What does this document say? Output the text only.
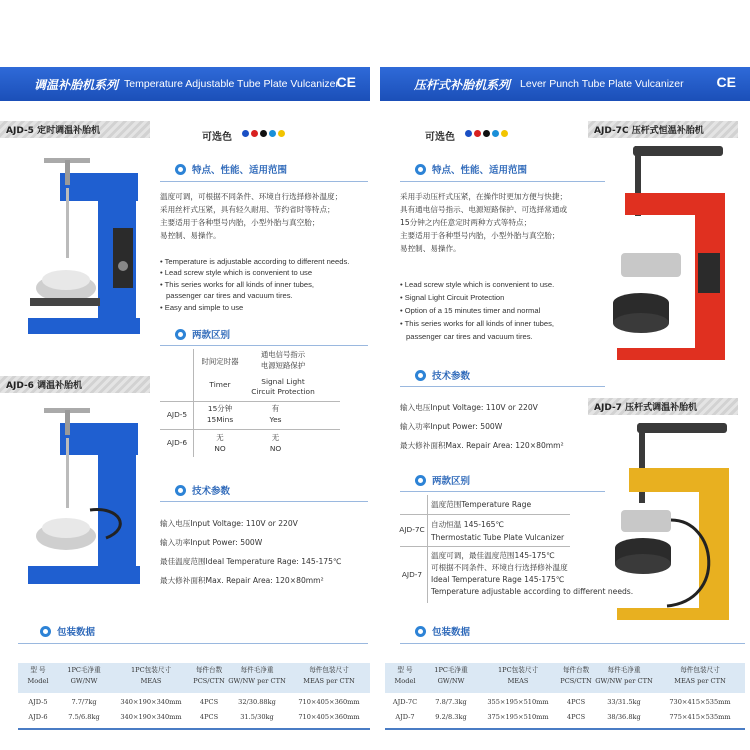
调温补胎机系列 Temperature Adjustable Tube Plate Vulcanizer
CE
AJD-5 定时调温补胎机
AJD-6 调温补胎机
可选色
特点、性能、适用范围
温度可调，可根据不同条件、环境自行选择修补温度；
采用丝杆式压紧，具有轻久耐用、节约省时等特点；
主要适用于各种型号内胎，小型外胎与真空胎；
易控制、易操作。
• Temperature is adjustable according to different needs.
• Lead screw style which is convenient to use
• This series works for all kinds of inner tubes,
passenger car tires and vacuum tires.
• Easy and simple to use
两款区别
时间定时器
Timer
通电信号指示
电源短路保护
Signal Light
Circuit Protection
AJD-5
15分钟
15Mins
有
Yes
AJD-6
无
NO
无
NO
技术参数
输入电压Input Voltage: 110V or 220V
输入功率Input Power: 500W
最佳温度范围Ideal Temperature Rage: 145-175℃
最大修补面积Max. Repair Area: 120×80mm²
包装数据
型 号
Model
AJD-5
AJD-6
1PC毛净重
GW/NW
7.7/7kg
7.5/6.8kg
1PC包装尺寸
MEAS
340×190×340mm
340×190×340mm
每件台数
PCS/CTN
4PCS
4PCS
每件毛净重
GW/NW per CTN
32/30.88kg
31.5/30kg
每件包装尺寸
MEAS per CTN
710×405×360mm
710×405×360mm
压杆式补胎机系列 Lever Punch Tube Plate Vulcanizer CE
AJD-7C 压杆式恒温补胎机
AJD-7 压杆式调温补胎机
可选色
特点、性能、适用范围
采用手动压杆式压紧，在操作时更加方便与快捷；
具有通电信号指示、电源短路保护、可选择常通或
15分钟之内任意定时两种方式等特点；
主要适用于各种型号内胎，小型外胎与真空胎；
易控制、易操作。
• Lead screw style which is convenient to use.
• Signal Light Circuit Protection
• Option of a 15 minutes timer and normal
• This series works for all kinds of inner tubes,
passenger car tires and vacuum tires.
技术参数
输入电压Input Voltage: 110V or 220V
输入功率Input Power: 500W
最大修补面积Max. Repair Area: 120×80mm²
两款区别
温度范围Temperature Rage
AJD-7C
自动恒温 145-165℃
Thermostatic Tube Plate Vulcanizer
AJD-7
温度可调，最佳温度范围145-175℃
可根据不同条件、环境自行选择修补温度
Ideal Temperature Rage 145-175℃
Temperature adjustable according to different needs.
包装数据
型 号
Model
AJD-7C
AJD-7
1PC毛净重
GW/NW
7.8/7.3kg
9.2/8.3kg
1PC包装尺寸
MEAS
355×195×510mm
375×195×510mm
每件台数
PCS/CTN
4PCS
4PCS
每件毛净重
GW/NW per CTN
33/31.5kg
38/36.8kg
每件包装尺寸
MEAS per CTN
730×415×535mm
775×415×535mm
